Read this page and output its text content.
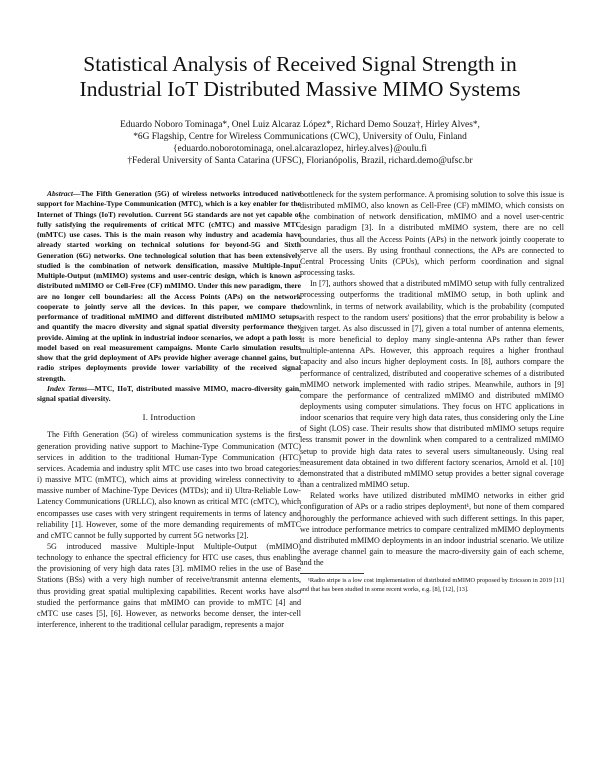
Statistical Analysis of Received Signal Strength in
Industrial IoT Distributed Massive MIMO Systems
Eduardo Noboro Tominaga*, Onel Luiz Alcaraz López*, Richard Demo Souza†, Hirley Alves*,
*6G Flagship, Centre for Wireless Communications (CWC), University of Oulu, Finland
{eduardo.noborotominaga, onel.alcarazlopez, hirley.alves}@oulu.fi
†Federal University of Santa Catarina (UFSC), Florianópolis, Brazil, richard.demo@ufsc.br

Abstract—The Fifth Generation (5G) of wireless networks introduced native support for Machine-Type Communication (MTC), which is a key enabler for the Internet of Things (IoT) revolution. Current 5G standards are not yet capable of fully satisfying the requirements of critical MTC (cMTC) and massive MTC (mMTC) use cases. This is the main reason why industry and academia have already started working on technical solutions for beyond-5G and Sixth Generation (6G) networks. One technological solution that has been extensively studied is the combination of network densification, massive Multiple-Input Multiple-Output (mMIMO) systems and user-centric design, which is known as distributed mMIMO or Cell-Free (CF) mMIMO. Under this new paradigm, there are no longer cell boundaries: all the Access Points (APs) on the network cooperate to jointly serve all the devices. In this paper, we compare the performance of traditional mMIMO and different distributed mMIMO setups, and quantify the macro diversity and signal spatial diversity performance they provide. Aiming at the uplink in industrial indoor scenarios, we adopt a path loss model based on real measurement campaigns. Monte Carlo simulation results show that the grid deployment of APs provide higher average channel gains, but radio stripes deployments provide lower variability of the received signal strength.

Index Terms—MTC, IIoT, distributed massive MIMO, macro-diversity gain, signal spatial diversity.

I. Introduction

The Fifth Generation (5G) of wireless communication systems is the first generation providing native support to Machine-Type Communication (MTC) services in addition to the traditional Human-Type Communication (HTC) services. Academia and industry split MTC use cases into two broad categories: i) massive MTC (mMTC), which aims at providing wireless connectivity to a massive number of Machine-Type Devices (MTDs); and ii) Ultra-Reliable Low-Latency Communications (URLLC), also known as critical MTC (cMTC), which encompasses use cases with very stringent requirements in terms of latency and reliability [1]. However, some of the more demanding requirements of mMTC and cMTC cannot be fully supported by current 5G networks [2].

5G introduced massive Multiple-Input Multiple-Output (mMIMO) technology to enhance the spectral efficiency for HTC use cases, thus enabling the provisioning of very high data rates [3]. mMIMO relies in the use of Base Stations (BSs) with a very high number of receive/transmit antenna elements, thus providing great spatial multiplexing capabilities. Recent works have also studied the performance gains that mMIMO can provide to mMTC [4] and cMTC use cases [5], [6]. However, as networks become denser, the inter-cell interference, inherent to the traditional cellular paradigm, represents a major

bottleneck for the system performance. A promising solution to solve this issue is distributed mMIMO, also known as Cell-Free (CF) mMIMO, which consists on the combination of network densification, mMIMO and a novel user-centric design paradigm [3]. In a distributed mMIMO system, there are no cell boundaries, thus all the Access Points (APs) in the network jointly cooperate to serve all the users. By using fronthaul connections, the APs are connected to Central Processing Units (CPUs), which perform coordination and signal processing tasks.

In [7], authors showed that a distributed mMIMO setup with fully centralized processing outperforms the traditional mMIMO setup, in both uplink and downlink, in terms of network availability, which is the probability (computed with respect to the random users' positions) that the error probability is below a given target. As also discussed in [7], given a total number of antenna elements, it is more beneficial to deploy many single-antenna APs rather than fewer multiple-antenna APs. However, this approach requires a higher fronthaul capacity and also incurs higher deployment costs. In [8], authors compare the performance of centralized, distributed and cooperative schemes of a distributed mMIMO network implemented with radio stripes. Meanwhile, authors in [9] compare the performance of centralized mMIMO and distributed mMIMO deployments using computer simulations. They focus on HTC applications in indoor scenarios that require very high data rates, thus considering only the Line of Sight (LOS) case. Their results show that distributed mMIMO setups require less transmit power in the downlink when compared to a centralized mMIMO setup to provide high data rates to several users simultaneously. Using real measurement data obtained in two different factory scenarios, Arnold et al. [10] demonstrated that a distributed mMIMO setup provides a better signal coverage than a centralized mMIMO setup.

Related works have utilized distributed mMIMO networks in either grid configuration of APs or a radio stripes deployment¹, but none of them compared thoroughly the performance achieved with such different settings. In this paper, we introduce performance metrics to compare centralized mMIMO deployments and distributed mMIMO deployments in an indoor industrial scenario. We utilize the average channel gain to measure the macro-diversity gain of each scheme, and the

¹Radio stripe is a low cost implementation of distributed mMIMO proposed by Ericsson in 2019 [11] and that has been studied in some recent works, e.g. [8], [12], [13].
